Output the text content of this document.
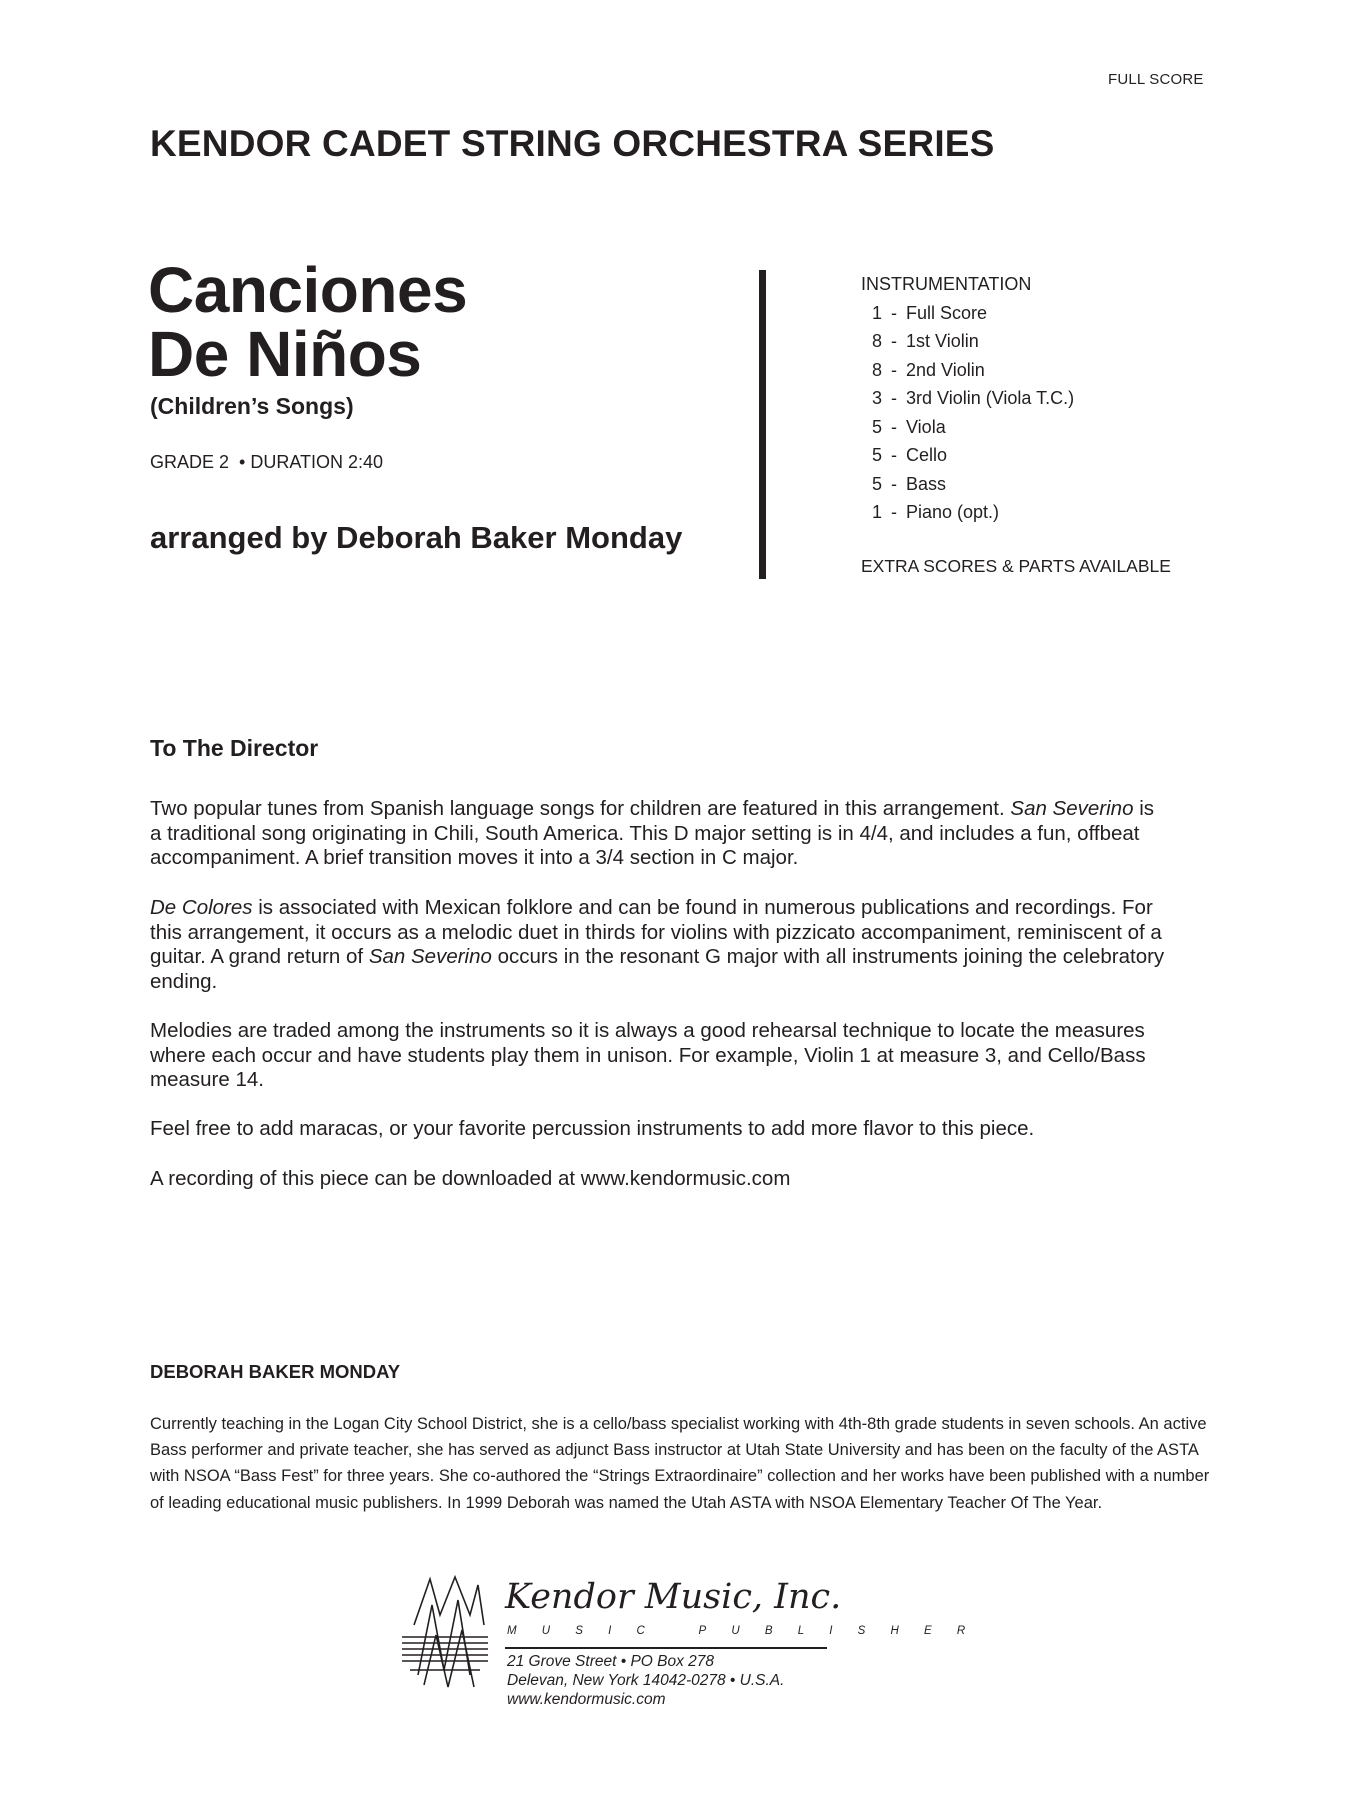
FULL SCORE
KENDOR CADET STRING ORCHESTRA SERIES
Canciones
De Niños
(Children’s Songs)
GRADE 2  • DURATION 2:40
arranged by Deborah Baker Monday
INSTRUMENTATION
1 - Full Score
8 - 1st Violin
8 - 2nd Violin
3 - 3rd Violin (Viola T.C.)
5 - Viola
5 - Cello
5 - Bass
1 - Piano (opt.)
EXTRA SCORES & PARTS AVAILABLE
To The Director
Two popular tunes from Spanish language songs for children are featured in this arrangement. San Severino is a traditional song originating in Chili, South America. This D major setting is in 4/4, and includes a fun, offbeat accompaniment. A brief transition moves it into a 3/4 section in C major.
De Colores is associated with Mexican folklore and can be found in numerous publications and recordings. For this arrangement, it occurs as a melodic duet in thirds for violins with pizzicato accompaniment, reminiscent of a guitar. A grand return of San Severino occurs in the resonant G major with all instruments joining the celebratory ending.
Melodies are traded among the instruments so it is always a good rehearsal technique to locate the measures where each occur and have students play them in unison. For example, Violin 1 at measure 3, and Cello/Bass measure 14.
Feel free to add maracas, or your favorite percussion instruments to add more flavor to this piece.
A recording of this piece can be downloaded at www.kendormusic.com
DEBORAH BAKER MONDAY
Currently teaching in the Logan City School District, she is a cello/bass specialist working with 4th-8th grade students in seven schools. An active Bass performer and private teacher, she has served as adjunct Bass instructor at Utah State University and has been on the faculty of the ASTA with NSOA “Bass Fest” for three years. She co-authored the “Strings Extraordinaire” collection and her works have been published with a number of leading educational music publishers. In 1999 Deborah was named the Utah ASTA with NSOA Elementary Teacher Of The Year.
Kendor Music, Inc.
MUSIC PUBLISHER
21 Grove Street • PO Box 278
Delevan, New York 14042-0278 • U.S.A.
www.kendormusic.com
